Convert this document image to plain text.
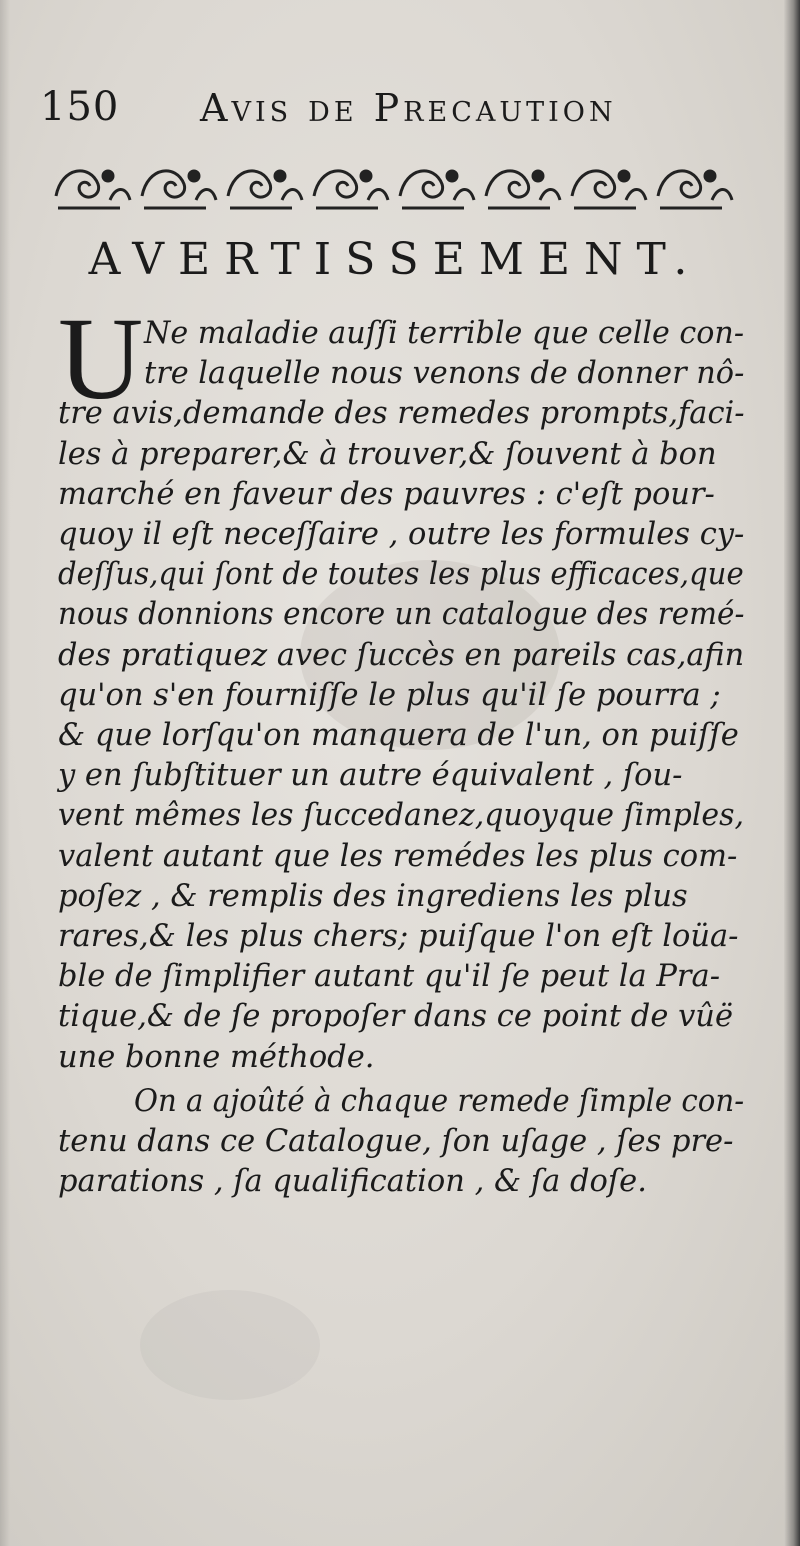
150 Avis de Precaution
AVERTISSEMENT.
U Ne maladie auſſi terrible que celle con-
tre laquelle nous venons de donner nô-
tre avis,demande des remedes prompts,faci-
les à preparer,& à trouver,& ſouvent à bon
marché en faveur des pauvres : c'eſt pour-
quoy il eſt neceſſaire , outre les formules cy-
deſſus,qui ſont de toutes les plus efficaces,que
nous donnions encore un catalogue des remé-
des pratiquez avec ſuccès en pareils cas,afin
qu'on s'en fourniſſe le plus qu'il ſe pourra ;
& que lorſqu'on manquera de l'un, on puiſſe
y en ſubſtituer un autre équivalent , ſou-
vent mêmes les ſuccedanez,quoyque ſimples,
valent autant que les remédes les plus com-
poſez , & remplis des ingrediens les plus
rares,& les plus chers; puiſque l'on eſt loüa-
ble de ſimplifier autant qu'il ſe peut la Pra-
tique,& de ſe propoſer dans ce point de vûë
une bonne méthode.
On a ajoûté à chaque remede ſimple con-
tenu dans ce Catalogue, ſon uſage , ſes pre-
parations , ſa qualification , & ſa doſe.
